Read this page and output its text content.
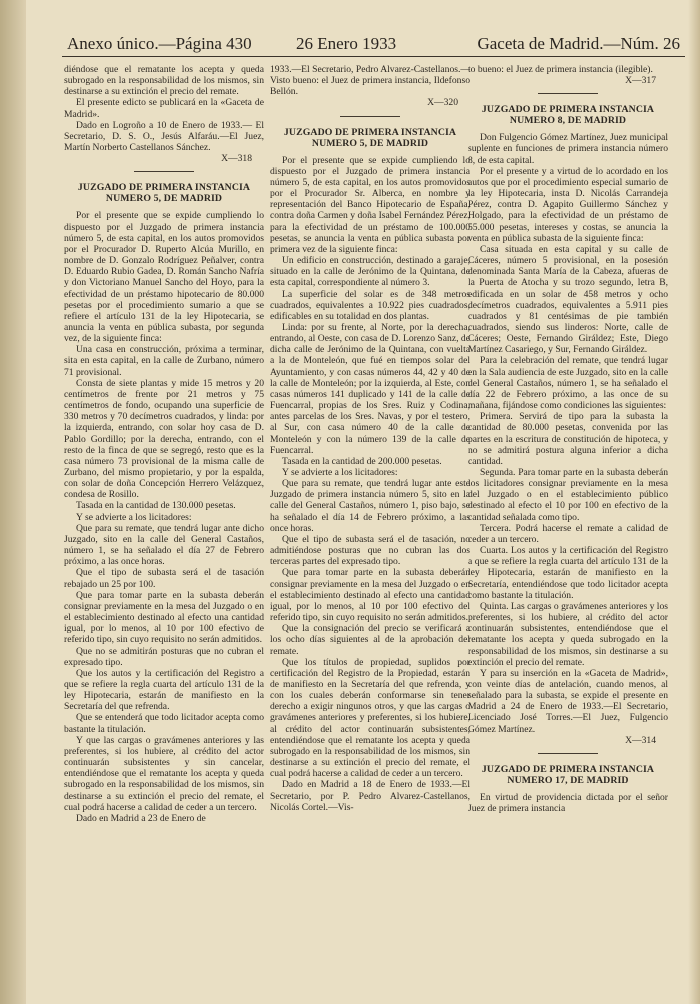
Anexo único.—Página 430	26 Enero 1933	Gaceta de Madrid.—Núm. 26

diéndose que el rematante los acepta y queda subrogado en la responsabilidad de los mismos, sin destinarse a su extinción el precio del remate.

El presente edicto se publicará en la «Gaceta de Madrid».

Dado en Logroño a 10 de Enero de 1933.— El Secretario, D. S. O., Jesús Alfaráu.—El Juez, Martín Norberto Castellanos Sánchez.

X—318

JUZGADO DE PRIMERA INSTANCIA NUMERO 5, DE MADRID

Por el presente que se expide cumpliendo lo dispuesto por el Juzgado de primera instancia número 5, de esta capital, en los autos promovidos por el Procurador D. Ruperto Alcúa Murillo, en nombre de D. Gonzalo Rodríguez Peñalver, contra D. Eduardo Rubio Gadea, D. Román Sancho Nafría y don Victoriano Manuel Sancho del Hoyo, para la efectividad de un préstamo hipotecario de 80.000 pesetas por el procedimiento sumario a que se refiere el artículo 131 de la ley Hipotecaria, se anuncia la venta en pública subasta, por segunda vez, de la siguiente finca:

Una casa en construcción, próxima a terminar, sita en esta capital, en la calle de Zurbano, número 71 provisional.

Consta de siete plantas y mide 15 metros y 20 centímetros de frente por 21 metros y 75 centímetros de fondo, ocupando una superficie de 330 metros y 70 decímetros cuadrados, y linda: por la izquierda, entrando, con solar hoy casa de D. Pablo Gordillo; por la derecha, entrando, con el resto de la finca de que se segregó, resto que es la casa número 73 provisional de la misma calle de Zurbano, del mismo propietario, y por la espalda, con solar de doña Concepción Herrero Velázquez, condesa de Rosillo.

Tasada en la cantidad de 130.000 pesetas.

Y se advierte a los licitadores:

Que para su remate, que tendrá lugar ante dicho Juzgado, sito en la calle del General Castaños, número 1, se ha señalado el día 27 de Febrero próximo, a las once horas.

Que el tipo de subasta será el de tasación rebajado un 25 por 100.

Que para tomar parte en la subasta deberán consignar previamente en la mesa del Juzgado o en el establecimiento destinado al efecto una cantidad igual, por lo menos, al 10 por 100 efectivo de referido tipo, sin cuyo requisito no serán admitidos.

Que no se admitirán posturas que no cubran el expresado tipo.

Que los autos y la certificación del Registro a que se refiere la regla cuarta del artículo 131 de la ley Hipotecaria, estarán de manifiesto en la Secretaría del que refrenda.

Que se entenderá que todo licitador acepta como bastante la titulación.

Y que las cargas o gravámenes anteriores y las preferentes, si los hubiere, al crédito del actor continuarán subsistentes y sin cancelar, entendiéndose que el rematante los acepta y queda subrogado en la responsabilidad de los mismos, sin destinarse a su extinción el precio del remate, el cual podrá hacerse a calidad de ceder a un tercero.

Dado en Madrid a 23 de Enero de

1933.—El Secretario, Pedro Alvarez-Castellanos.—Visto bueno: el Juez de primera instancia, Ildefonso Bellón.

X—320

JUZGADO DE PRIMERA INSTANCIA NUMERO 5, DE MADRID

Por el presente que se expide cumpliendo lo dispuesto por el Juzgado de primera instancia número 5, de esta capital, en los autos promovidos por el Procurador Sr. Alberca, en nombre y representación del Banco Hipotecario de España, contra doña Carmen y doña Isabel Fernández Pérez, para la efectividad de un préstamo de 100.000 pesetas, se anuncia la venta en pública subasta por primera vez de la siguiente finca:

Un edificio en construcción, destinado a garaje, situado en la calle de Jerónimo de la Quintana, de esta capital, correspondiente al número 3.

La superficie del solar es de 348 metros cuadrados, equivalentes a 10.922 pies cuadrados, edificables en su totalidad en dos plantas.

Linda: por su frente, al Norte, por la derecha, entrando, al Oeste, con casa de D. Lorenzo Sanz, de dicha calle de Jerónimo de la Quintana, con vuelta a la de Monteleón, que fué en tiempos solar del Ayuntamiento, y con casas números 44, 42 y 40 de la calle de Monteleón; por la izquierda, al Este, con casas números 141 duplicado y 141 de la calle de Fuencarral, propias de los Sres. Ruiz y Codina, antes parcelas de los Sres. Navas, y por el testero, al Sur, con casa número 40 de la calle de Monteleón y con la número 139 de la calle de Fuencarral.

Tasada en la cantidad de 200.000 pesetas.

Y se advierte a los licitadores:

Que para su remate, que tendrá lugar ante este Juzgado de primera instancia número 5, sito en la calle del General Castaños, número 1, piso bajo, se ha señalado el día 14 de Febrero próximo, a las once horas.

Que el tipo de subasta será el de tasación, no admitiéndose posturas que no cubran las dos terceras partes del expresado tipo.

Que para tomar parte en la subasta deberán consignar previamente en la mesa del Juzgado o en el establecimiento destinado al efecto una cantidad igual, por lo menos, al 10 por 100 efectivo del referido tipo, sin cuyo requisito no serán admitidos.

Que la consignación del precio se verificará a los ocho días siguientes al de la aprobación del remate.

Que los títulos de propiedad, suplidos por certificación del Registro de la Propiedad, estarán de manifiesto en la Secretaría del que refrenda, y con los cuales deberán conformarse sin tener derecho a exigir ningunos otros, y que las cargas o gravámenes anteriores y preferentes, si los hubiere, al crédito del actor continuarán subsistentes, entendiéndose que el rematante los acepta y queda subrogado en la responsabilidad de los mismos, sin destinarse a su extinción el precio del remate, el cual podrá hacerse a calidad de ceder a un tercero.

Dado en Madrid a 18 de Enero de 1933.—El Secretario, por P. Pedro Alvarez-Castellanos, Nicolás Cortel.—Vis-

to bueno: el Juez de primera instancia (ilegible).

X—317

JUZGADO DE PRIMERA INSTANCIA NUMERO 8, DE MADRID

Don Fulgencio Gómez Martínez, Juez municipal suplente en funciones de primera instancia número 8, de esta capital.

Por el presente y a virtud de lo acordado en los autos que por el procedimiento especial sumario de la ley Hipotecaria, insta D. Nicolás Carrandeja Pérez, contra D. Agapito Guillermo Sánchez y Holgado, para la efectividad de un préstamo de 55.000 pesetas, intereses y costas, se anuncia la venta en pública subasta de la siguiente finca:

Casa situada en esta capital y su calle de Cáceres, número 5 provisional, en la posesión denominada Santa María de la Cabeza, afueras de la Puerta de Atocha y su trozo segundo, letra B, edificada en un solar de 458 metros y ocho decímetros cuadrados, equivalentes a 5.911 pies cuadrados y 81 centésimas de pie también cuadrados, siendo sus linderos: Norte, calle de Cáceres; Oeste, Fernando Giráldez; Este, Diego Martínez Casariego, y Sur, Fernando Giráldez.

Para la celebración del remate, que tendrá lugar en la Sala audiencia de este Juzgado, sito en la calle del General Castaños, número 1, se ha señalado el día 22 de Febrero próximo, a las once de su mañana, fijándose como condiciones las siguientes:

Primera. Servirá de tipo para la subasta la cantidad de 80.000 pesetas, convenida por las partes en la escritura de constitución de hipoteca, y no se admitirá postura alguna inferior a dicha cantidad.

Segunda. Para tomar parte en la subasta deberán los licitadores consignar previamente en la mesa del Juzgado o en el establecimiento público destinado al efecto el 10 por 100 en efectivo de la cantidad señalada como tipo.

Tercera. Podrá hacerse el remate a calidad de ceder a un tercero.

Cuarta. Los autos y la certificación del Registro a que se refiere la regla cuarta del artículo 131 de la ley Hipotecaria, estarán de manifiesto en la Secretaría, entendiéndose que todo licitador acepta como bastante la titulación.

Quinta. Las cargas o gravámenes anteriores y los preferentes, si los hubiere, al crédito del actor continuarán subsistentes, entendiéndose que el rematante los acepta y queda subrogado en la responsabilidad de los mismos, sin destinarse a su extinción el precio del remate.

Y para su inserción en la «Gaceta de Madrid», con veinte días de antelación, cuando menos, al señalado para la subasta, se expide el presente en Madrid a 24 de Enero de 1933.—El Secretario, Licenciado José Torres.—El Juez, Fulgencio Gómez Martínez.

X—314

JUZGADO DE PRIMERA INSTANCIA NUMERO 17, DE MADRID

En virtud de providencia dictada por el señor Juez de primera instancia
